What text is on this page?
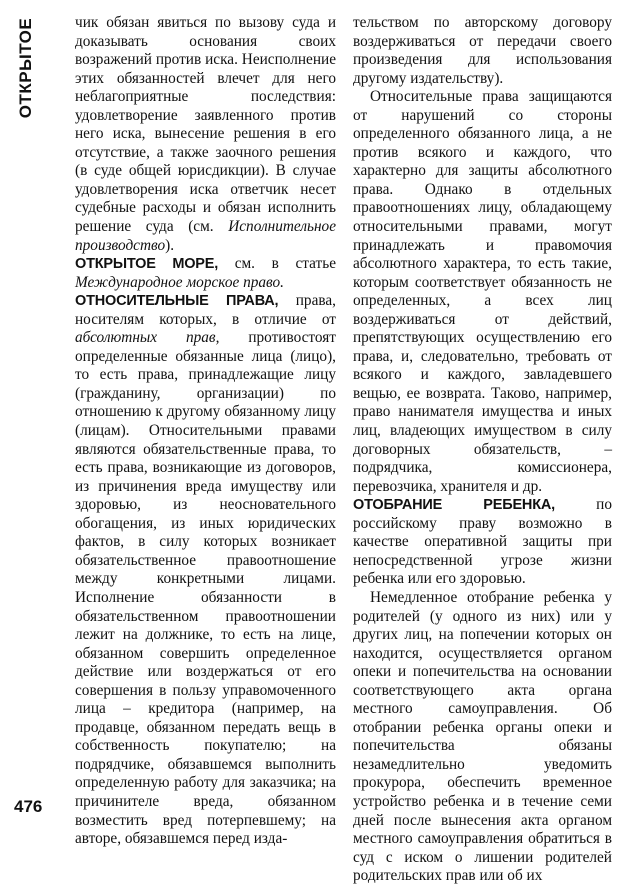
ОТКРЫТОЕ
476

чик обязан явиться по вызову суда и доказывать основания своих возражений против иска. Неисполнение этих обязанностей влечет для него неблагоприятные последствия: удовлетворение заявленного против него иска, вынесение решения в его отсутствие, а также заочного решения (в суде общей юрисдикции). В случае удовлетворения иска ответчик несет судебные расходы и обязан исполнить решение суда (см. Исполнительное производство).

ОТКРЫТОЕ МОРЕ, см. в статье Международное морское право.

ОТНОСИТЕЛЬНЫЕ ПРАВА, права, носителям которых, в отличие от абсолютных прав, противостоят определенные обязанные лица (лицо), то есть права, принадлежащие лицу (гражданину, организации) по отношению к другому обязанному лицу (лицам). Относительными правами являются обязательственные права, то есть права, возникающие из договоров, из причинения вреда имуществу или здоровью, из неосновательного обогащения, из иных юридических фактов, в силу которых возникает обязательственное правоотношение между конкретными лицами. Исполнение обязанности в обязательственном правоотношении лежит на должнике, то есть на лице, обязанном совершить определенное действие или воздержаться от его совершения в пользу управомоченного лица – кредитора (например, на продавце, обязанном передать вещь в собственность покупателю; на подрядчике, обязавшемся выполнить определенную работу для заказчика; на причинителе вреда, обязанном возместить вред потерпевшему; на авторе, обязавшемся перед изда-

тельством по авторскому договору воздерживаться от передачи своего произведения для использования другому издательству).

Относительные права защищаются от нарушений со стороны определенного обязанного лица, а не против всякого и каждого, что характерно для защиты абсолютного права. Однако в отдельных правоотношениях лицу, обладающему относительными правами, могут принадлежать и правомочия абсолютного характера, то есть такие, которым соответствует обязанность не определенных, а всех лиц воздерживаться от действий, препятствующих осуществлению его права, и, следовательно, требовать от всякого и каждого, завладевшего вещью, ее возврата. Таково, например, право нанимателя имущества и иных лиц, владеющих имуществом в силу договорных обязательств, – подрядчика, комиссионера, перевозчика, хранителя и др.

ОТОБРАНИЕ РЕБЕНКА, по российскому праву возможно в качестве оперативной защиты при непосредственной угрозе жизни ребенка или его здоровью.

Немедленное отобрание ребенка у родителей (у одного из них) или у других лиц, на попечении которых он находится, осуществляется органом опеки и попечительства на основании соответствующего акта органа местного самоуправления. Об отобрании ребенка органы опеки и попечительства обязаны незамедлительно уведомить прокурора, обеспечить временное устройство ребенка и в течение семи дней после вынесения акта органом местного самоуправления обратиться в суд с иском о лишении родителей родительских прав или об их
